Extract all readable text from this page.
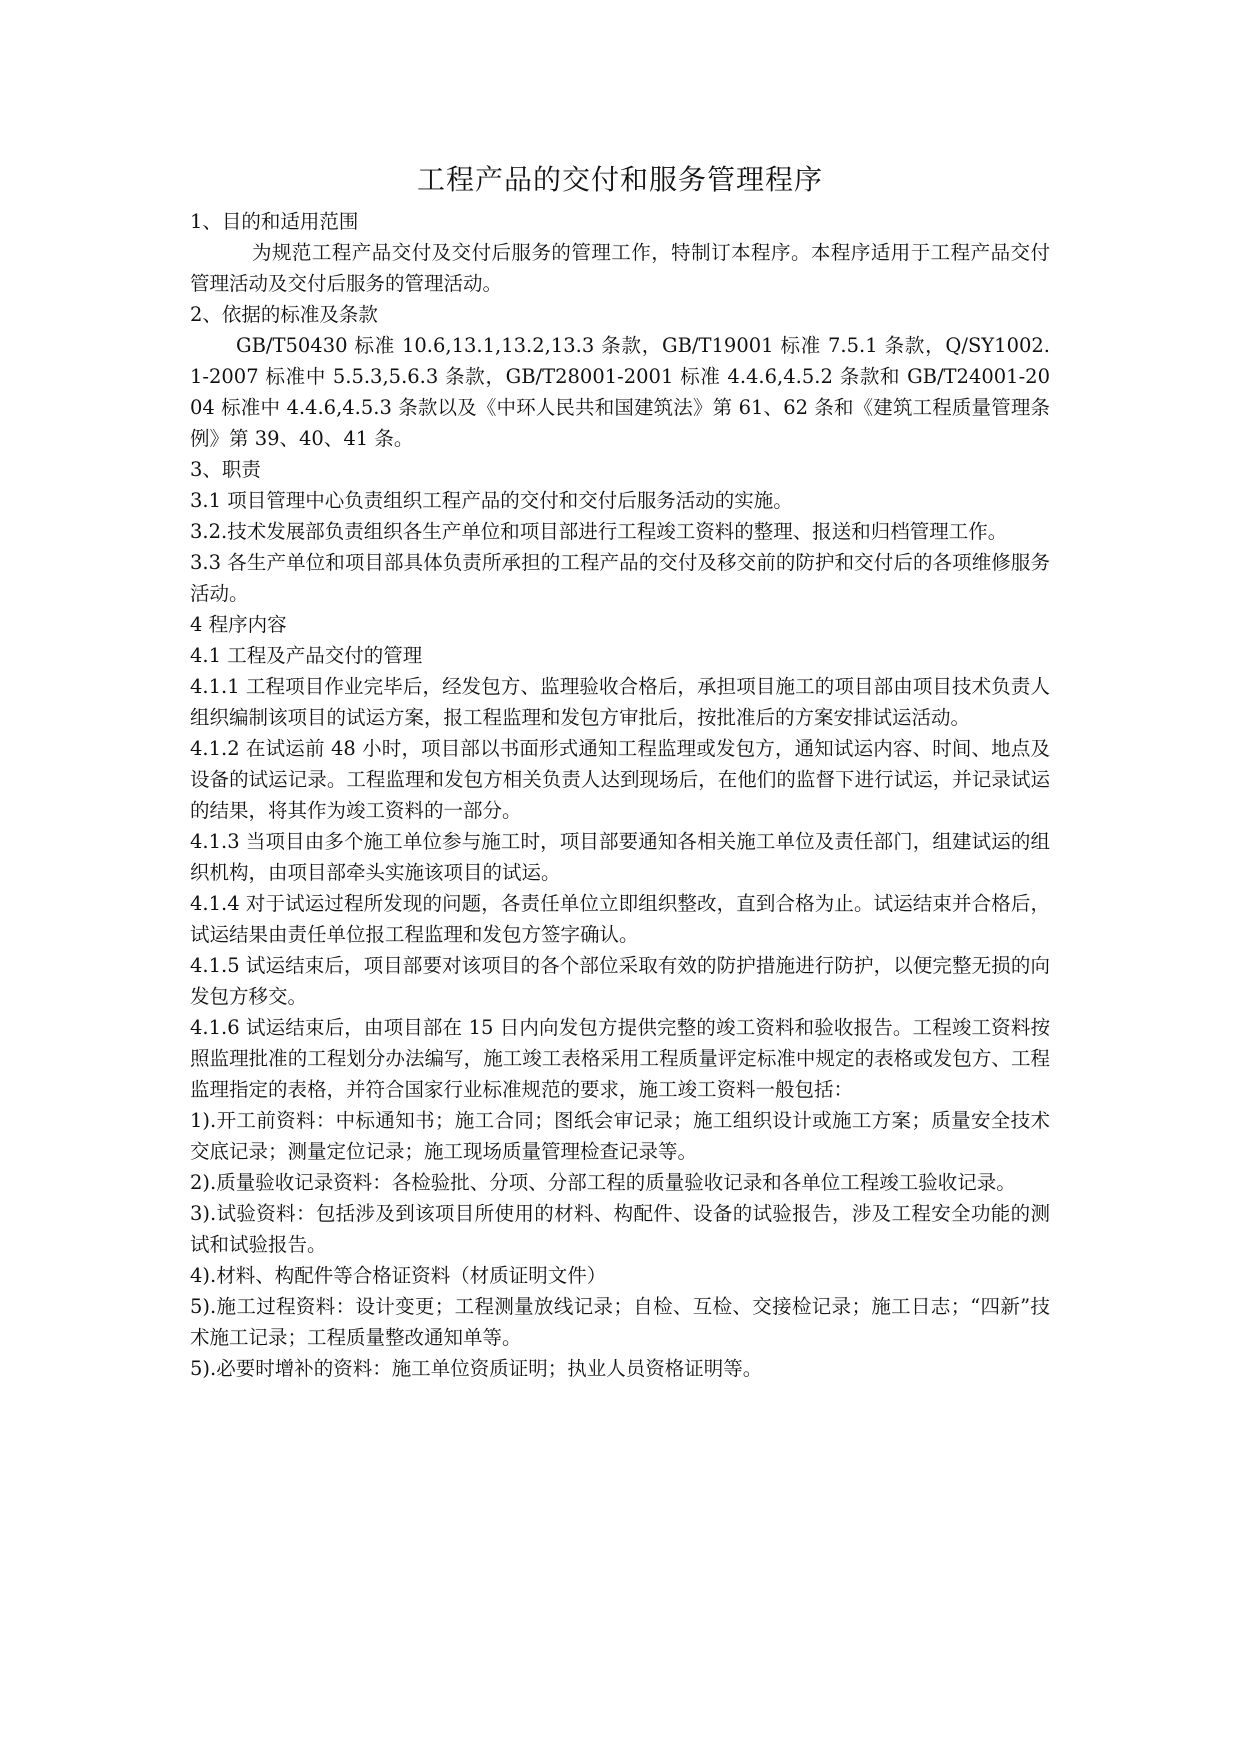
工程产品的交付和服务管理程序

1、目的和适用范围

为规范工程产品交付及交付后服务的管理工作，特制订本程序。本程序适用于工程产品交付管理活动及交付后服务的管理活动。

2、依据的标准及条款

GB/T50430 标准 10.6,13.1,13.2,13.3 条款，GB/T19001 标准 7.5.1 条款，Q/SY1002.1-2007 标准中 5.5.3,5.6.3 条款，GB/T28001-2001 标准 4.4.6,4.5.2 条款和 GB/T24001-2004 标准中 4.4.6,4.5.3 条款以及《中环人民共和国建筑法》第 61、62 条和《建筑工程质量管理条例》第 39、40、41 条。

3、职责

3.1 项目管理中心负责组织工程产品的交付和交付后服务活动的实施。

3.2.技术发展部负责组织各生产单位和项目部进行工程竣工资料的整理、报送和归档管理工作。

3.3 各生产单位和项目部具体负责所承担的工程产品的交付及移交前的防护和交付后的各项维修服务活动。

4 程序内容

4.1 工程及产品交付的管理

4.1.1 工程项目作业完毕后，经发包方、监理验收合格后，承担项目施工的项目部由项目技术负责人组织编制该项目的试运方案，报工程监理和发包方审批后，按批准后的方案安排试运活动。

4.1.2 在试运前 48 小时，项目部以书面形式通知工程监理或发包方，通知试运内容、时间、地点及设备的试运记录。工程监理和发包方相关负责人达到现场后，在他们的监督下进行试运，并记录试运的结果，将其作为竣工资料的一部分。

4.1.3 当项目由多个施工单位参与施工时，项目部要通知各相关施工单位及责任部门，组建试运的组织机构，由项目部牵头实施该项目的试运。

4.1.4 对于试运过程所发现的问题，各责任单位立即组织整改，直到合格为止。试运结束并合格后，试运结果由责任单位报工程监理和发包方签字确认。

4.1.5 试运结束后，项目部要对该项目的各个部位采取有效的防护措施进行防护，以便完整无损的向发包方移交。

4.1.6 试运结束后，由项目部在 15 日内向发包方提供完整的竣工资料和验收报告。工程竣工资料按照监理批准的工程划分办法编写，施工竣工表格采用工程质量评定标准中规定的表格或发包方、工程监理指定的表格，并符合国家行业标准规范的要求，施工竣工资料一般包括：

1).开工前资料：中标通知书；施工合同；图纸会审记录；施工组织设计或施工方案；质量安全技术交底记录；测量定位记录；施工现场质量管理检查记录等。

2).质量验收记录资料：各检验批、分项、分部工程的质量验收记录和各单位工程竣工验收记录。

3).试验资料：包括涉及到该项目所使用的材料、构配件、设备的试验报告，涉及工程安全功能的测试和试验报告。

4).材料、构配件等合格证资料（材质证明文件）

5).施工过程资料：设计变更；工程测量放线记录；自检、互检、交接检记录；施工日志；“四新”技术施工记录；工程质量整改通知单等。

5).必要时增补的资料：施工单位资质证明；执业人员资格证明等。
